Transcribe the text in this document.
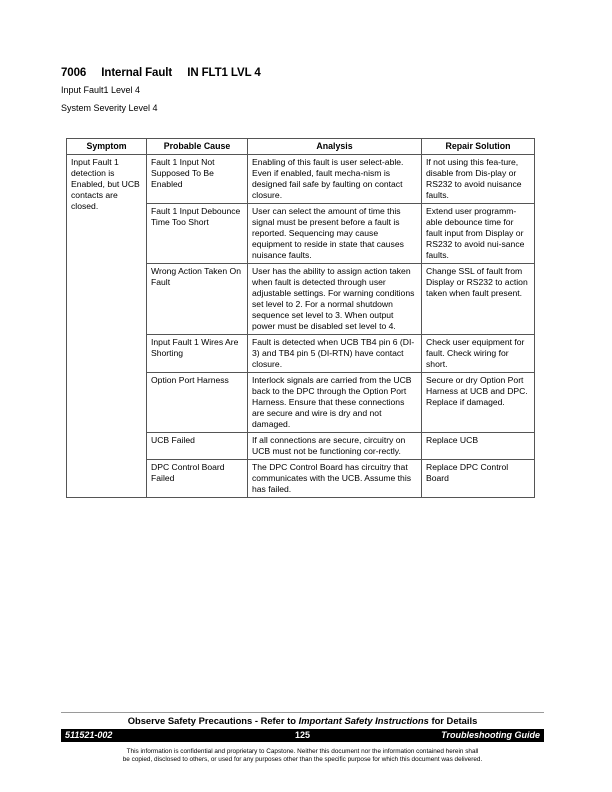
7006 Internal Fault IN FLT1 LVL 4
Input Fault1 Level 4
System Severity Level 4
Symptom	Probable Cause	Analysis	Repair Solution
Input Fault 1 detection is Enabled, but UCB contacts are closed.	Fault 1 Input Not Supposed To Be Enabled	Enabling of this fault is user select-able. Even if enabled, fault mecha-nism is designed fail safe by faulting on contact closure.	If not using this fea-ture, disable from Dis-play or RS232 to avoid nuisance faults.
	Fault 1 Input Debounce Time Too Short	User can select the amount of time this signal must be present before a fault is reported. Sequencing may cause equipment to reside in state that causes nuisance faults.	Extend user programm-able debounce time for fault input from Display or RS232 to avoid nui-sance faults.
	Wrong Action Taken On Fault	User has the ability to assign action taken when fault is detected through user adjustable settings. For warning conditions set level to 2. For a normal shutdown sequence set level to 3. When output power must be disabled set level to 4.	Change SSL of fault from Display or RS232 to action taken when fault present.
	Input Fault 1 Wires Are Shorting	Fault is detected when UCB TB4 pin 6 (DI-3) and TB4 pin 5 (DI-RTN) have contact closure.	Check user equipment for fault. Check wiring for short.
	Option Port Harness	Interlock signals are carried from the UCB back to the DPC through the Option Port Harness. Ensure that these connections are secure and wire is dry and not damaged.	Secure or dry Option Port Harness at UCB and DPC. Replace if damaged.
	UCB Failed	If all connections are secure, circuitry on UCB must not be functioning cor-rectly.	Replace UCB
	DPC Control Board Failed	The DPC Control Board has circuitry that communicates with the UCB. Assume this has failed.	Replace DPC Control Board
Observe Safety Precautions - Refer to Important Safety Instructions for Details
511521-002	125	Troubleshooting Guide
This information is confidential and proprietary to Capstone. Neither this document nor the information contained herein shall
be copied, disclosed to others, or used for any purposes other than the specific purpose for which this document was delivered.
